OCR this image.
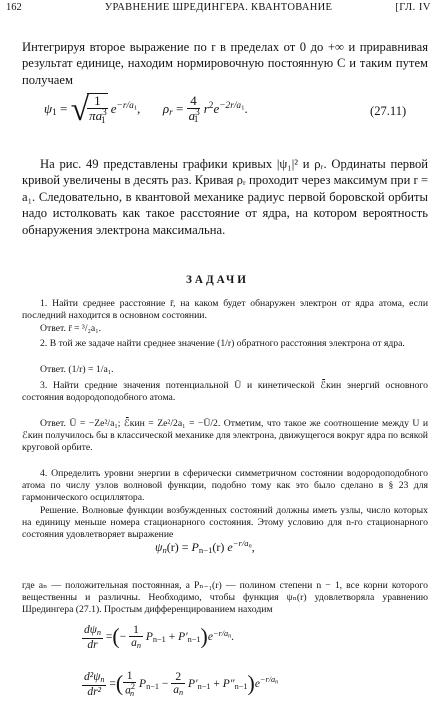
162	УРАВНЕНИЕ ШРЕДИНГЕРА. КВАНТОВАНИЕ	[ГЛ. IV

Интегрируя второе выражение по r в пределах от 0 до +∞ и приравнивая результат единице, находим нормировочную постоянную C и таким путем получаем

$\psi_1$ = √
$\frac{1}{\pi a^3_1} e^{-r/a_1}$, $\rho_r = \frac{4}{a^3_1} r^2e^{-2r/a_1}$.	(27.11)

На рис. 49 представлены графики кривых |ψ₁|² и ρᵣ. Ординаты первой кривой увеличены в десять раз. Кривая ρᵣ проходит через максимум при r = a₁. Следовательно, в квантовой механике радиус первой боровской орбиты надо истолковать как такое расстояние от ядра, на котором вероятность обнаружения электрона максимальна.

ЗАДАЧИ

1. Найти среднее расстояние r̄, на каком будет обнаружен электрон от ядра атома, если последний находится в основном состоянии.

Ответ. r̄ = ³/₂a₁.

2. В той же задаче найти среднее значение (1/r) обратного расстояния электрона от ядра.

Ответ. (1/r) = 1/a₁.

3. Найти средние значения потенциальной Ū и кинетической ℰ̄кин энергий основного состояния водородоподобного атома.

Ответ. Ū = −Ze²/a₁; ℰ̄кин = Ze²/2a₁ = −Ū/2. Отметим, что такое же соотношение между U и ℰкин получилось бы в классической механике для электрона, движущегося вокруг ядра по всякой круговой орбите.

4. Определить уровни энергии в сферически симметричном состоянии водородоподобного атома по числу узлов волновой функции, подобно тому как это было сделано в § 23 для гармонического осциллятора.

Решение. Волновые функции возбужденных состояний должны иметь узлы, число которых на единицу меньше номера стационарного состояния. Этому условию для n-го стационарного состояния удовлетворяет выражение

$\psi_n(r) = P_{n-1}(r)$ $e^{-r/a_n}$,

где aₙ — положительная постоянная, а Pₙ₋₁(r) — полином степени n − 1, все корни которого вещественны и различны. Необходимо, чтобы функция ψₙ(r) удовлетворяла уравнению Шредингера (27.1). Простым дифференцированием находим

$\frac{d\psi_n}{dr}$ =(− $\frac{1}{a_n} P_{n-1} + P'_{n-1})e^{-r/a_n}$.
$\frac{d^2\psi_n}{\text{dr²}}$ =( $\frac{1}{a^2_n} P_{n-1} - \frac{2}{a_n} P'_{n-1} + P''_{n-1})e^{-r/a_n}$
